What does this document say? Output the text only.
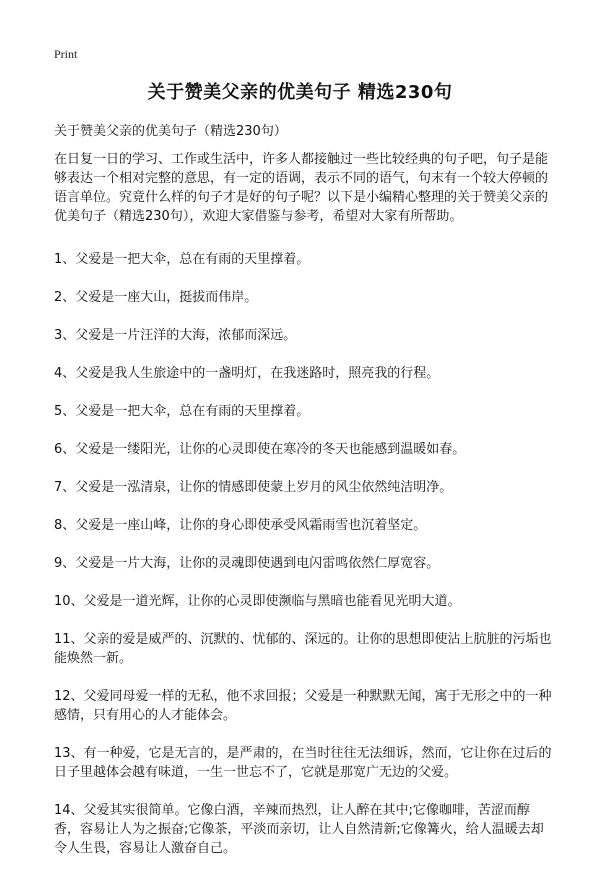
Print
关于赞美父亲的优美句子 精选230句
关于赞美父亲的优美句子（精选230句）
在日复一日的学习、工作或生活中，许多人都接触过一些比较经典的句子吧，句子是能够表达一个相对完整的意思，有一定的语调，表示不同的语气，句末有一个较大停顿的语言单位。究竟什么样的句子才是好的句子呢？以下是小编精心整理的关于赞美父亲的优美句子（精选230句），欢迎大家借鉴与参考，希望对大家有所帮助。
1、父爱是一把大伞，总在有雨的天里撑着。
2、父爱是一座大山，挺拔而伟岸。
3、父爱是一片汪洋的大海，浓郁而深远。
4、父爱是我人生旅途中的一盏明灯，在我迷路时，照亮我的行程。
5、父爱是一把大伞，总在有雨的天里撑着。
6、父爱是一缕阳光，让你的心灵即使在寒冷的冬天也能感到温暖如春。
7、父爱是一泓清泉，让你的情感即使蒙上岁月的风尘依然纯洁明净。
8、父爱是一座山峰，让你的身心即使承受风霜雨雪也沉着坚定。
9、父爱是一片大海，让你的灵魂即使遇到电闪雷鸣依然仁厚宽容。
10、父爱是一道光辉，让你的心灵即使濒临与黑暗也能看见光明大道。
11、父亲的爱是威严的、沉默的、忧郁的、深远的。让你的思想即使沾上肮脏的污垢也能焕然一新。
12、父爱同母爱一样的无私，他不求回报；父爱是一种默默无闻，寓于无形之中的一种感情，只有用心的人才能体会。
13、有一种爱，它是无言的，是严肃的，在当时往往无法细诉，然而，它让你在过后的日子里越体会越有味道，一生一世忘不了，它就是那宽广无边的父爱。
14、父爱其实很简单。它像白酒，辛辣而热烈，让人醉在其中;它像咖啡，苦涩而醇香，容易让人为之振奋;它像茶，平淡而亲切，让人自然清新;它像篝火，给人温暖去却令人生畏，容易让人激奋自己。
